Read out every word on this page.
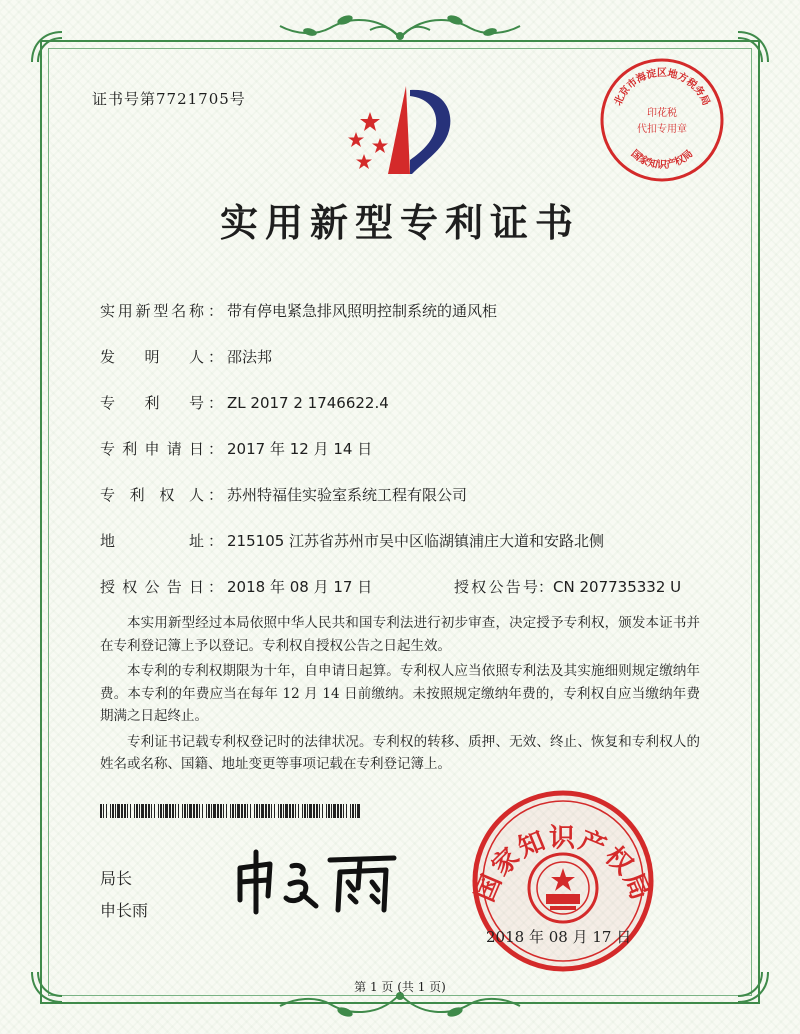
证书号第7721705号	北京市海淀区地方税务局
印花税
代扣专用章
国家知识产权局
实用新型专利证书
实用新型名称 ： 带有停电紧急排风照明控制系统的通风柜
发明人 ： 邵法邦
专利号 ： ZL 2017 2 1746622.4
专利申请日 ： 2017 年 12 月 14 日
专利权人 ： 苏州特福佳实验室系统工程有限公司
地址 ： 215105 江苏省苏州市吴中区临湖镇浦庄大道和安路北侧
授权公告日 ： 2018 年 08 月 17 日	授权公告号：CN 207735332 U

本实用新型经过本局依照中华人民共和国专利法进行初步审查，决定授予专利权，颁发本证书并在专利登记簿上予以登记。专利权自授权公告之日起生效。

本专利的专利权期限为十年，自申请日起算。专利权人应当依照专利法及其实施细则规定缴纳年费。本专利的年费应当在每年 12 月 14 日前缴纳。未按照规定缴纳年费的，专利权自应当缴纳年费期满之日起终止。

专利证书记载专利权登记时的法律状况。专利权的转移、质押、无效、终止、恢复和专利权人的姓名或名称、国籍、地址变更等事项记载在专利登记簿上。

局长
申长雨
国家知识产权局
2018 年 08 月 17 日
第 1 页 (共 1 页)
